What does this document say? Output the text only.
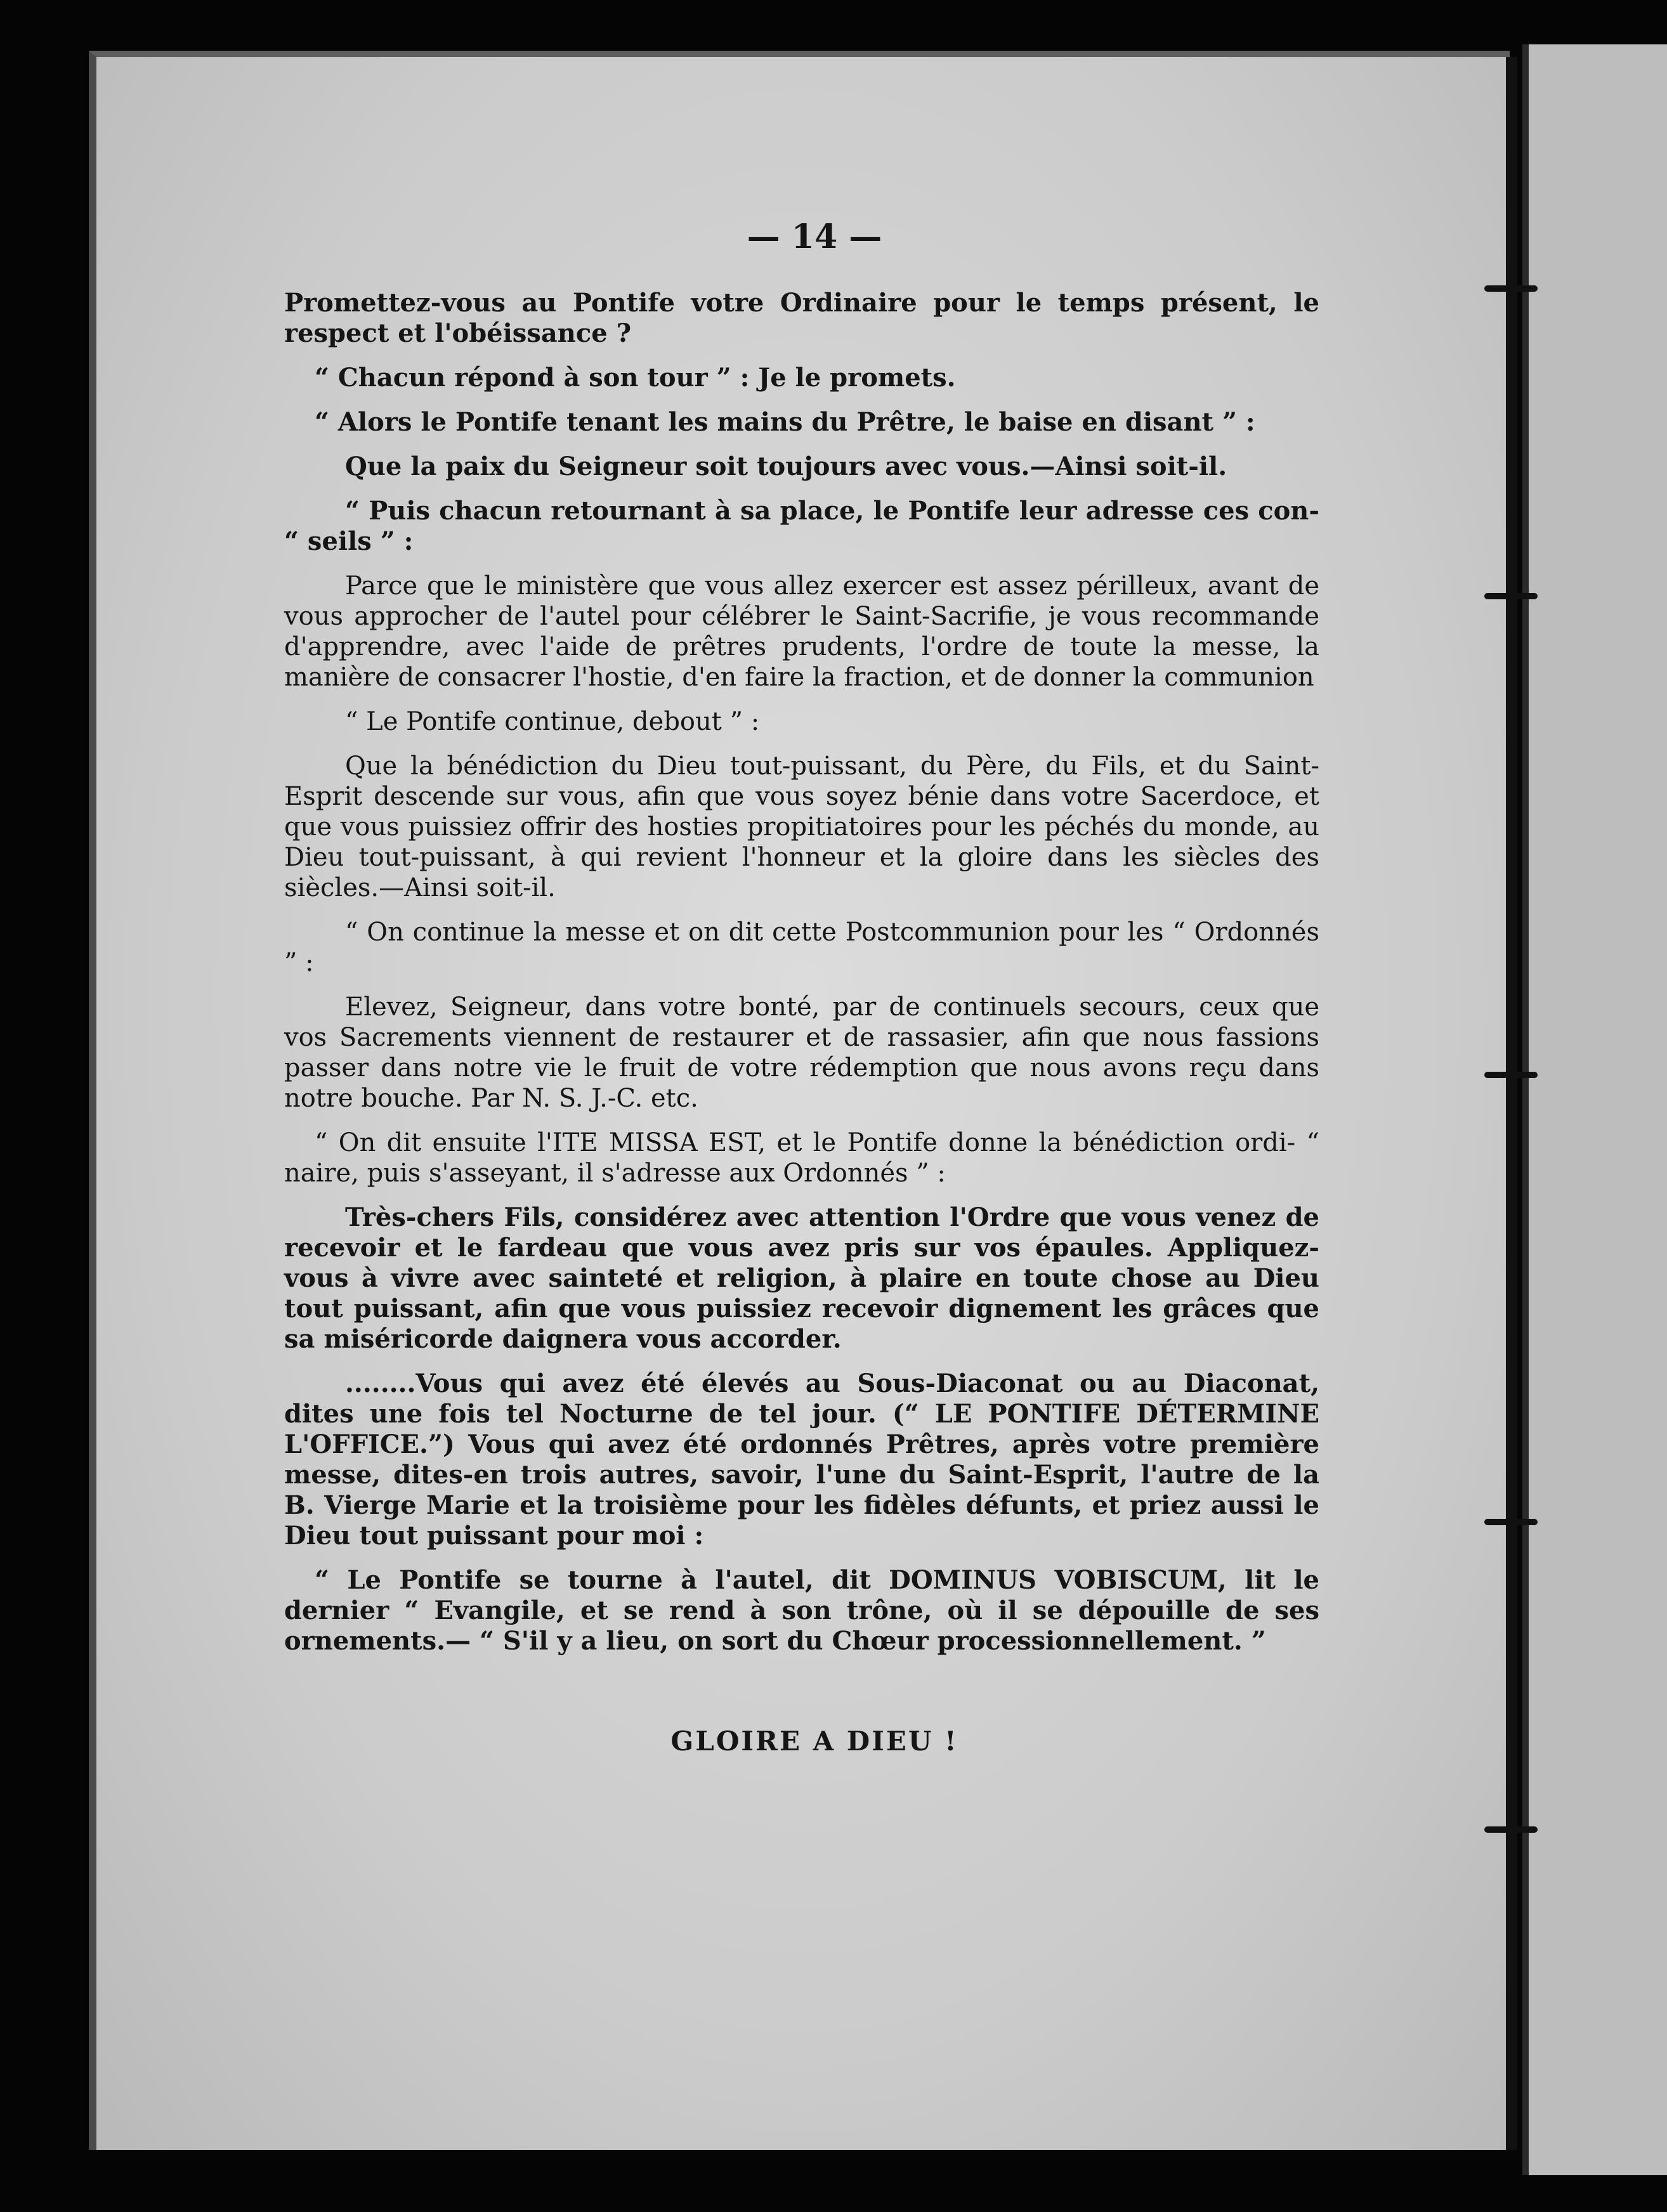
— 14 —

Promettez-vous au Pontife votre Ordinaire pour le temps présent, le respect et l'obéissance ?

“ Chacun répond à son tour ” : Je le promets.

“ Alors le Pontife tenant les mains du Prêtre, le baise en disant ” :

Que la paix du Seigneur soit toujours avec vous.—Ainsi soit-il.

“ Puis chacun retournant à sa place, le Pontife leur adresse ces con- “ seils ” :

Parce que le ministère que vous allez exercer est assez périlleux, avant de vous approcher de l'autel pour célébrer le Saint-Sacrifie, je vous recommande d'apprendre, avec l'aide de prêtres prudents, l'ordre de toute la messe, la manière de consacrer l'hostie, d'en faire la fraction, et de donner la communion

“ Le Pontife continue, debout ” :

Que la bénédiction du Dieu tout-puissant, du Père, du Fils, et du Saint-Esprit descende sur vous, afin que vous soyez bénie dans votre Sacerdoce, et que vous puissiez offrir des hosties propitiatoires pour les péchés du monde, au Dieu tout-puissant, à qui revient l'honneur et la gloire dans les siècles des siècles.—Ainsi soit-il.

“ On continue la messe et on dit cette Postcommunion pour les “ Ordonnés ” :

Elevez, Seigneur, dans votre bonté, par de continuels secours, ceux que vos Sacrements viennent de restaurer et de rassasier, afin que nous fassions passer dans notre vie le fruit de votre rédemption que nous avons reçu dans notre bouche. Par N. S. J.-C. etc.

“ On dit ensuite l'ITE MISSA EST, et le Pontife donne la bénédiction ordi- “ naire, puis s'asseyant, il s'adresse aux Ordonnés ” :

Très-chers Fils, considérez avec attention l'Ordre que vous venez de recevoir et le fardeau que vous avez pris sur vos épaules. Appliquez-vous à vivre avec sainteté et religion, à plaire en toute chose au Dieu tout puissant, afin que vous puissiez recevoir dignement les grâces que sa miséricorde daignera vous accorder.

........Vous qui avez été élevés au Sous-Diaconat ou au Diaconat, dites une fois tel Nocturne de tel jour. (“ LE PONTIFE DÉTERMINE L'OFFICE.”) Vous qui avez été ordonnés Prêtres, après votre première messe, dites-en trois autres, savoir, l'une du Saint-Esprit, l'autre de la B. Vierge Marie et la troisième pour les fidèles défunts, et priez aussi le Dieu tout puissant pour moi :

“ Le Pontife se tourne à l'autel, dit DOMINUS VOBISCUM, lit le dernier “ Evangile, et se rend à son trône, où il se dépouille de ses ornements.— “ S'il y a lieu, on sort du Chœur processionnellement. ”

GLOIRE A DIEU !
